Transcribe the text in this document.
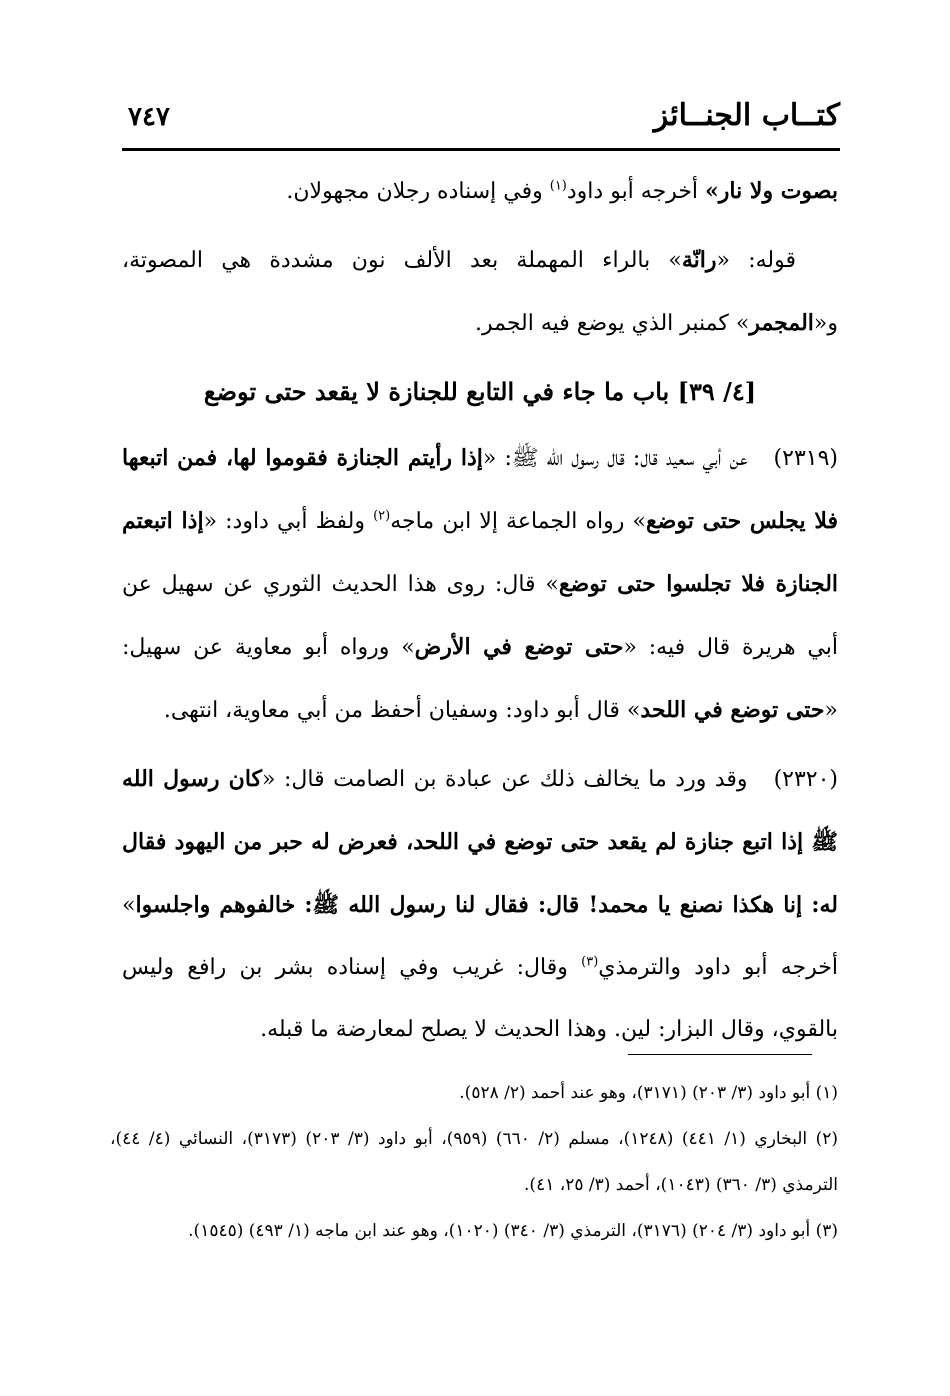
كتــاب الجنــائز
٧٤٧

بصوت ولا نار» أخرجه أبو داود$^{(١)}$ وفي إسناده رجلان مجهولان.

قوله: «رانّة» بالراء المهملة بعد الألف نون مشددة هي المصوتة، و«المجمر» كمنبر الذي يوضع فيه الجمر.

[٤/ ٣٩] باب ما جاء في التابع للجنازة لا يقعد حتى توضع

(٢٣١٩)عن أبي سعيد قال: قال رسول الله ﷺ: «إذا رأيتم الجنازة فقوموا لها، فمن اتبعها فلا يجلس حتى توضع» رواه الجماعة إلا ابن ماجه$^{(٢)}$ ولفظ أبي داود: «إذا اتبعتم الجنازة فلا تجلسوا حتى توضع» قال: روى هذا الحديث الثوري عن سهيل عن أبي هريرة قال فيه: «حتى توضع في الأرض» ورواه أبو معاوية عن سهيل: «حتى توضع في اللحد» قال أبو داود: وسفيان أحفظ من أبي معاوية، انتهى.

(٢٣٢٠)وقد ورد ما يخالف ذلك عن عبادة بن الصامت قال: «كان رسول الله ﷺ إذا اتبع جنازة لم يقعد حتى توضع في اللحد، فعرض له حبر من اليهود فقال له: إنا هكذا نصنع يا محمد! قال: فقال لنا رسول الله ﷺ: خالفوهم واجلسوا» أخرجه أبو داود والترمذي$^{(٣)}$ وقال: غريب وفي إسناده بشر بن رافع وليس بالقوي، وقال البزار: لين. وهذا الحديث لا يصلح لمعارضة ما قبله.

(١) أبو داود (٣/ ٢٠٣) (٣١٧١)، وهو عند أحمد (٢/ ٥٢٨).

(٢) البخاري (١/ ٤٤١) (١٢٤٨)، مسلم (٢/ ٦٦٠) (٩٥٩)، أبو داود (٣/ ٢٠٣) (٣١٧٣)، النسائي (٤/ ٤٤)، الترمذي (٣/ ٣٦٠) (١٠٤٣)، أحمد (٣/ ٢٥، ٤١).

(٣) أبو داود (٣/ ٢٠٤) (٣١٧٦)، الترمذي (٣/ ٣٤٠) (١٠٢٠)، وهو عند ابن ماجه (١/ ٤٩٣) (١٥٤٥).
